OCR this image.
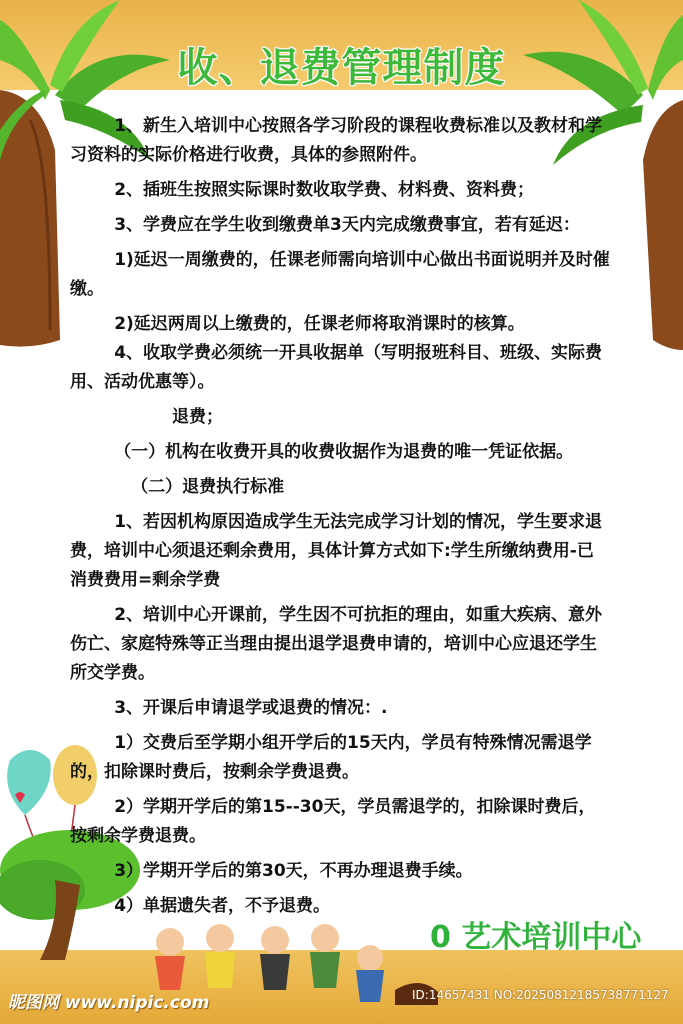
收、退费管理制度

1、新生入培训中心按照各学习阶段的课程收费标准以及教材和学习资料的实际价格进行收费，具体的参照附件。

2、插班生按照实际课时数收取学费、材料费、资料费；

3、学费应在学生收到缴费单3天内完成缴费事宜，若有延迟：

1)延迟一周缴费的，任课老师需向培训中心做出书面说明并及时催缴。

2)延迟两周以上缴费的，任课老师将取消课时的核算。

4、收取学费必须统一开具收据单（写明报班科目、班级、实际费用、活动优惠等）。

退费；

（一）机构在收费开具的收费收据作为退费的唯一凭证依据。

（二）退费执行标准

1、若因机构原因造成学生无法完成学习计划的情况，学生要求退费，培训中心须退还剩余费用，具体计算方式如下:学生所缴纳费用-已消费费用=剩余学费

2、培训中心开课前，学生因不可抗拒的理由，如重大疾病、意外伤亡、家庭特殊等正当理由提出退学退费申请的，培训中心应退还学生所交学费。

3、开课后申请退学或退费的情况：.

1）交费后至学期小组开学后的15天内，学员有特殊情况需退学的，扣除课时费后，按剩余学费退费。

2）学期开学后的第15--30天，学员需退学的，扣除课时费后，按剩余学费退费。

3）学期开学后的第30天，不再办理退费手续。

4）单据遗失者，不予退费。

0 艺术培训中心
昵图网 www.nipic.com	ID:14657431 NO:20250812185738771127
